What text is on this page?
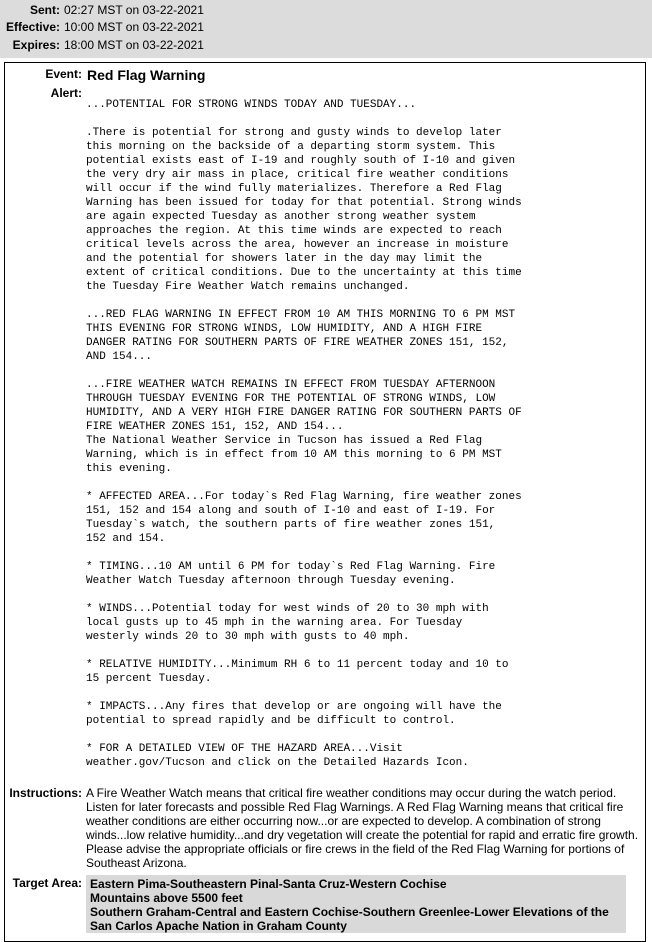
Sent: 02:27 MST on 03-22-2021
Effective: 10:00 MST on 03-22-2021
Expires: 18:00 MST on 03-22-2021
Event: Red Flag Warning
Alert:
...POTENTIAL FOR STRONG WINDS TODAY AND TUESDAY...

.There is potential for strong and gusty winds to develop later
this morning on the backside of a departing storm system. This
potential exists east of I-19 and roughly south of I-10 and given
the very dry air mass in place, critical fire weather conditions
will occur if the wind fully materializes. Therefore a Red Flag
Warning has been issued for today for that potential. Strong winds
are again expected Tuesday as another strong weather system
approaches the region. At this time winds are expected to reach
critical levels across the area, however an increase in moisture
and the potential for showers later in the day may limit the
extent of critical conditions. Due to the uncertainty at this time
the Tuesday Fire Weather Watch remains unchanged.

...RED FLAG WARNING IN EFFECT FROM 10 AM THIS MORNING TO 6 PM MST
THIS EVENING FOR STRONG WINDS, LOW HUMIDITY, AND A HIGH FIRE
DANGER RATING FOR SOUTHERN PARTS OF FIRE WEATHER ZONES 151, 152,
AND 154...

...FIRE WEATHER WATCH REMAINS IN EFFECT FROM TUESDAY AFTERNOON
THROUGH TUESDAY EVENING FOR THE POTENTIAL OF STRONG WINDS, LOW
HUMIDITY, AND A VERY HIGH FIRE DANGER RATING FOR SOUTHERN PARTS OF
FIRE WEATHER ZONES 151, 152, AND 154...
The National Weather Service in Tucson has issued a Red Flag
Warning, which is in effect from 10 AM this morning to 6 PM MST
this evening.

* AFFECTED AREA...For today`s Red Flag Warning, fire weather zones
151, 152 and 154 along and south of I-10 and east of I-19. For
Tuesday`s watch, the southern parts of fire weather zones 151,
152 and 154.

* TIMING...10 AM until 6 PM for today`s Red Flag Warning. Fire
Weather Watch Tuesday afternoon through Tuesday evening.

* WINDS...Potential today for west winds of 20 to 30 mph with
local gusts up to 45 mph in the warning area. For Tuesday
westerly winds 20 to 30 mph with gusts to 40 mph.

* RELATIVE HUMIDITY...Minimum RH 6 to 11 percent today and 10 to
15 percent Tuesday.

* IMPACTS...Any fires that develop or are ongoing will have the
potential to spread rapidly and be difficult to control.

* FOR A DETAILED VIEW OF THE HAZARD AREA...Visit
weather.gov/Tucson and click on the Detailed Hazards Icon.
Instructions: A Fire Weather Watch means that critical fire weather conditions may occur during the watch period. Listen for later forecasts and possible Red Flag Warnings. A Red Flag Warning means that critical fire weather conditions are either occurring now...or are expected to develop. A combination of strong winds...low relative humidity...and dry vegetation will create the potential for rapid and erratic fire growth. Please advise the appropriate officials or fire crews in the field of the Red Flag Warning for portions of Southeast Arizona.
Target Area: Eastern Pima-Southeastern Pinal-Santa Cruz-Western Cochise
Mountains above 5500 feet
Southern Graham-Central and Eastern Cochise-Southern Greenlee-Lower Elevations of the San Carlos Apache Nation in Graham County
